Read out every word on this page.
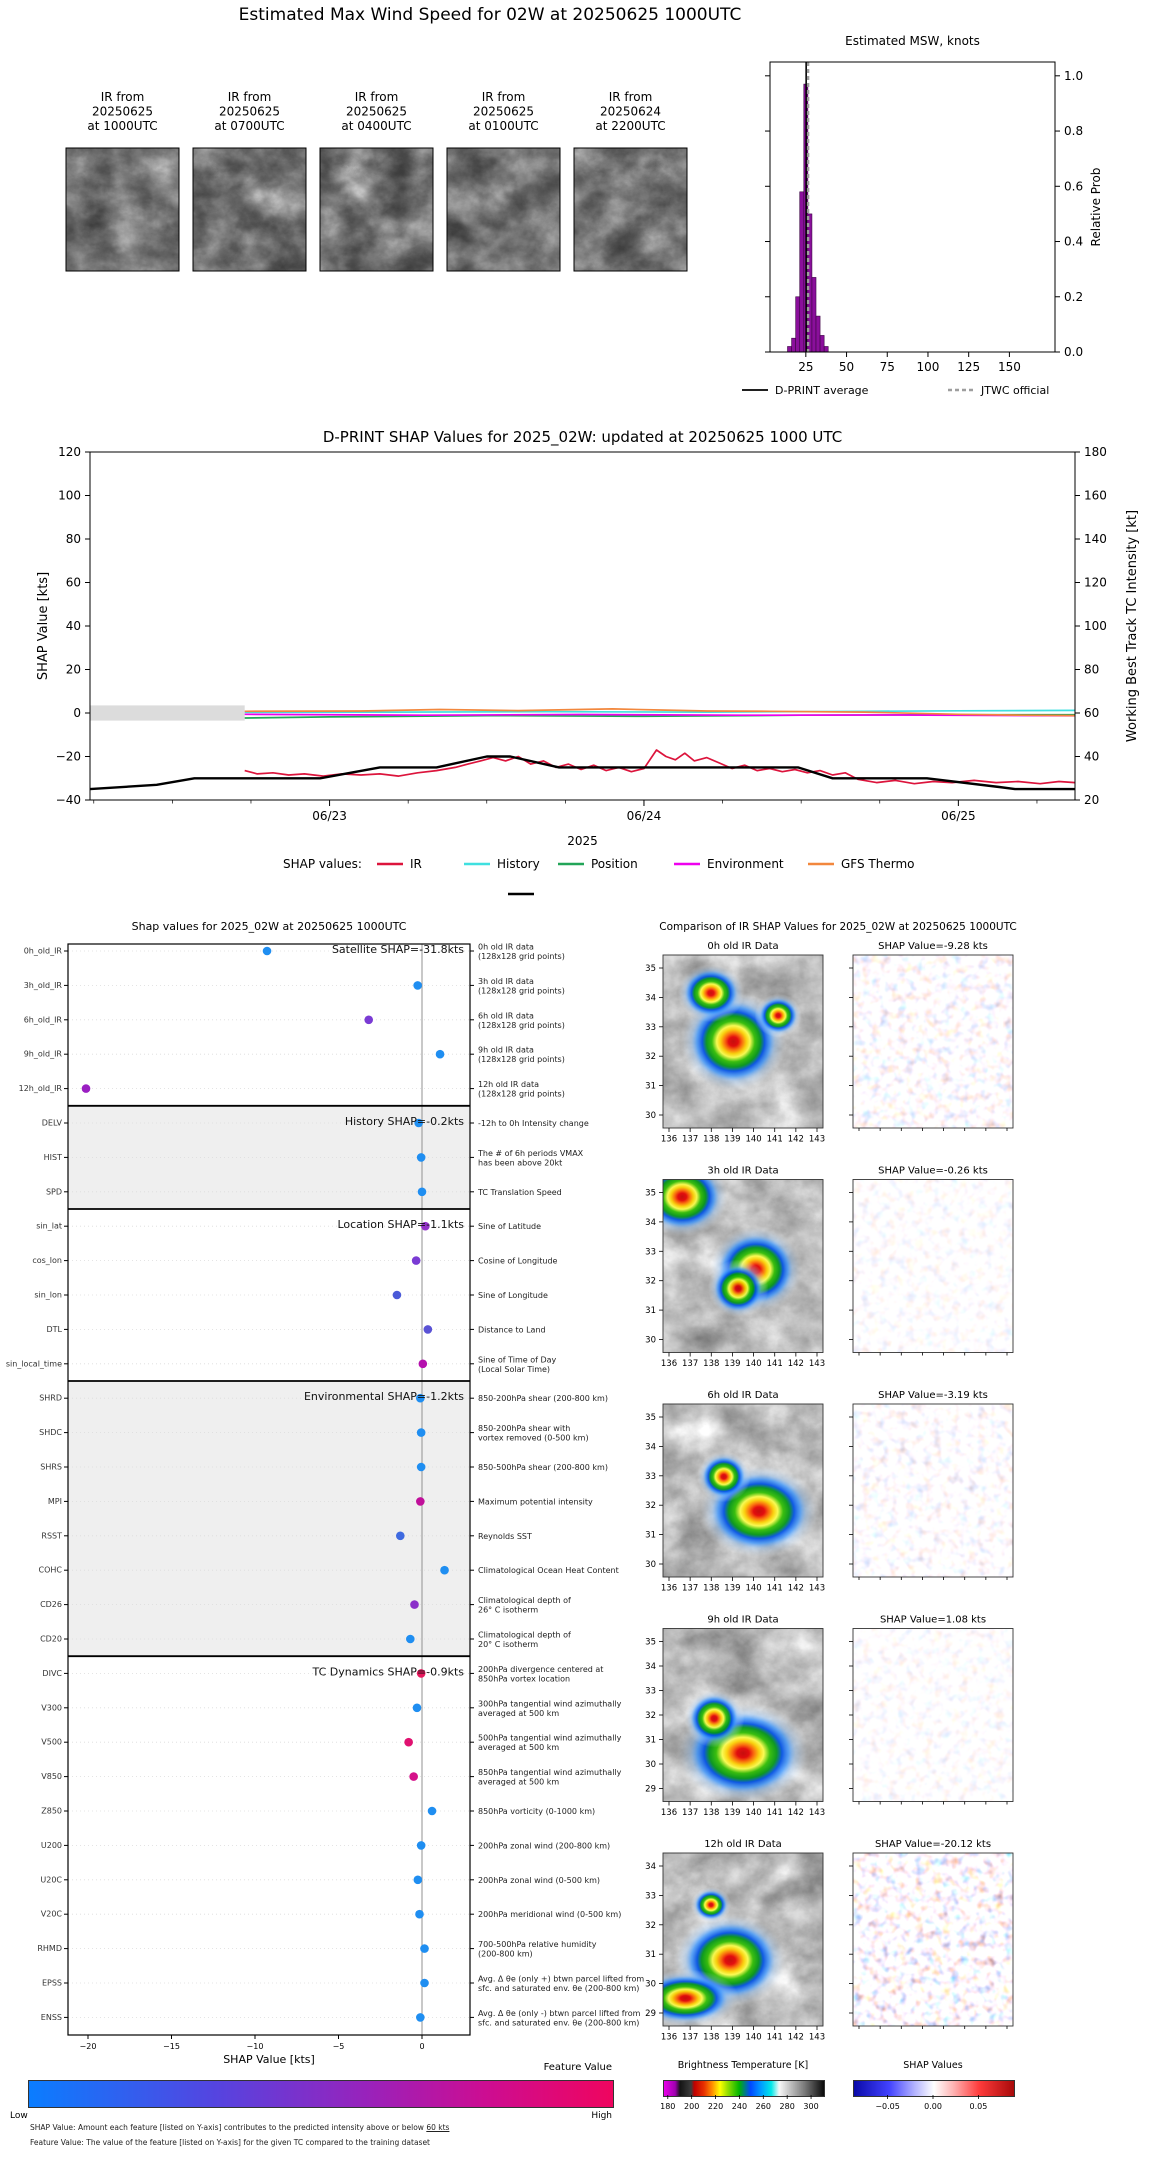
Estimated Max Wind Speed for 02W at 20250625 1000UTC
Feature Value
Low	High
Brightness Temperature [K]	SHAP Values
SHAP Value: Amount each feature [listed on Y-axis] contributes to the predicted intensity above or below 60 kts
Feature Value: The value of the feature [listed on Y-axis] for the given TC compared to the training dataset
IR from
20250625
at 1000UTC
IR from
20250625
at 0700UTC
IR from
20250625
at 0400UTC
IR from
20250625
at 0100UTC
IR from
20250624
at 2200UTC
Estimated MSW, knots
25 50 75 100 125 150
1.0
0.8
0.6
0.4
0.2
0.0
Relative Prob
D-PRINT average	JTWC official
D-PRINT SHAP Values for 2025_02W: updated at 20250625 1000 UTC
120
100
80
60
40
20
0
−20
−40
180
160
140
120
100
80
60
40
20
06/23	06/24	06/25
2025
SHAP Value [kts]	Working Best Track TC Intensity [kt]
SHAP values:	IR	History	Position	Environment	GFS Thermo
Shap values for 2025_02W at 20250625 1000UTC
0h_old_IR	0h old IR data
(128x128 grid points)
3h_old_IR	3h old IR data
(128x128 grid points)
6h_old_IR	6h old IR data
(128x128 grid points)
9h_old_IR	9h old IR data
(128x128 grid points)
12h_old_IR	12h old IR data
(128x128 grid points)
DELV	-12h to 0h Intensity change
HIST	The # of 6h periods VMAX
has been above 20kt
SPD	TC Translation Speed
sin_lat	Sine of Latitude
cos_lon	Cosine of Longitude
sin_lon	Sine of Longitude
DTL	Distance to Land
sin_local_time	Sine of Time of Day
(Local Solar Time)
SHRD	850-200hPa shear (200-800 km)
SHDC	850-200hPa shear with
vortex removed (0-500 km)
SHRS	850-500hPa shear (200-800 km)
MPI	Maximum potential intensity
RSST	Reynolds SST
COHC	Climatological Ocean Heat Content
CD26	Climatological depth of
26° C isotherm
CD20	Climatological depth of
20° C isotherm
DIVC	200hPa divergence centered at
850hPa vortex location
V300	300hPa tangential wind azimuthally
averaged at 500 km
V500	500hPa tangential wind azimuthally
averaged at 500 km
V850	850hPa tangential wind azimuthally
averaged at 500 km
Z850	850hPa vorticity (0-1000 km)
U200	200hPa zonal wind (200-800 km)
U20C	200hPa zonal wind (0-500 km)
V20C	200hPa meridional wind (0-500 km)
RHMD	700-500hPa relative humidity
(200-800 km)
EPSS	Avg. Δ θe (only +) btwn parcel lifted from
sfc. and saturated env. θe (200-800 km)
ENSS	Avg. Δ θe (only -) btwn parcel lifted from
sfc. and saturated env. θe (200-800 km)
Satellite SHAP=-31.8kts
History SHAP=-0.2kts
Location SHAP=-1.1kts
Environmental SHAP=-1.2kts
TC Dynamics SHAP=-0.9kts
−20	−15	−10	−5	0
SHAP Value [kts]
Comparison of IR SHAP Values for 2025_02W at 20250625 1000UTC
0h old IR Data	SHAP Value=-9.28 kts
35
34
33
32
31
30
136 137 138 139 140 141 142 143
3h old IR Data	SHAP Value=-0.26 kts
35
34
33
32
31
30
136 137 138 139 140 141 142 143
6h old IR Data	SHAP Value=-3.19 kts
35
34
33
32
31
30
136 137 138 139 140 141 142 143
9h old IR Data	SHAP Value=1.08 kts
35
34
33
32
31
30
29
136 137 138 139 140 141 142 143
12h old IR Data	SHAP Value=-20.12 kts
34
33
32
31
30
29
136 137 138 139 140 141 142 143
180 200 220 240 260 280 300	−0.05	0.00	0.05
